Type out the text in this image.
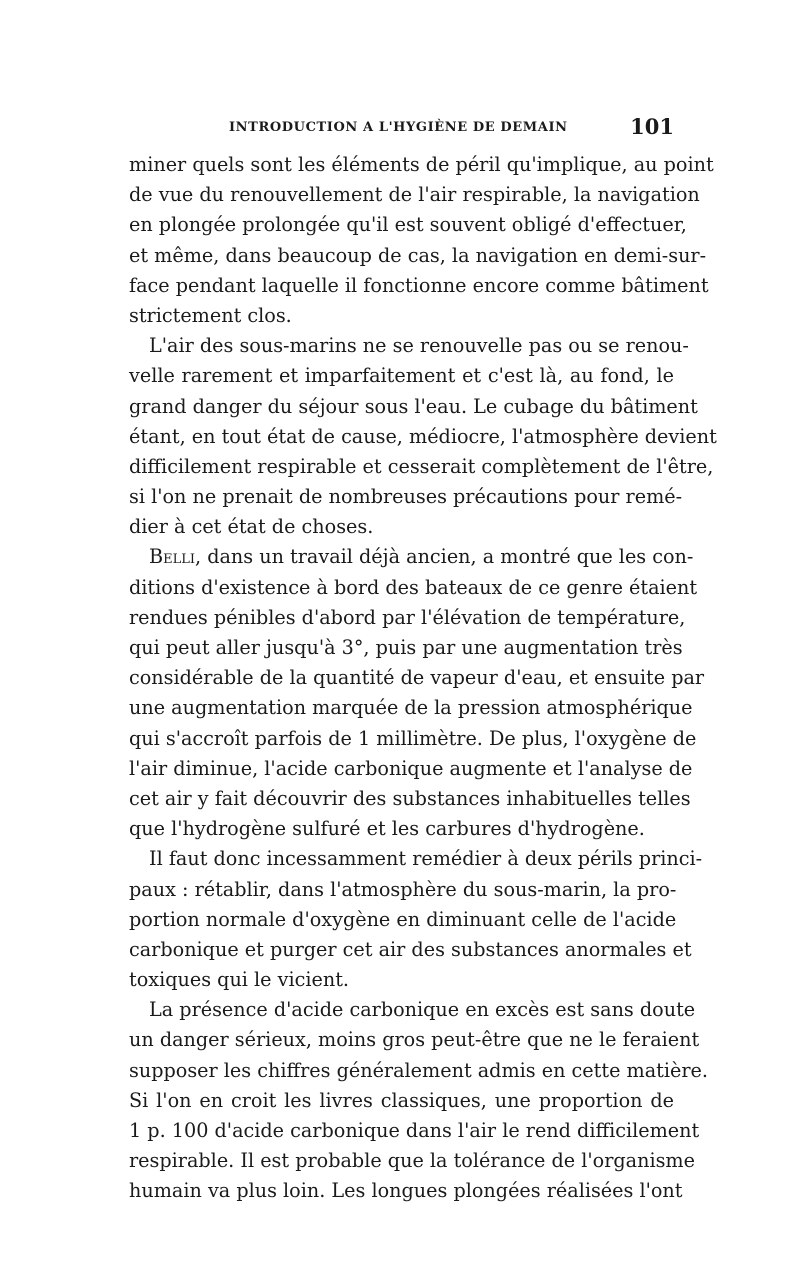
INTRODUCTION A L'HYGIÈNE DE DEMAIN	101
miner quels sont les éléments de péril qu'implique, au point
de vue du renouvellement de l'air respirable, la navigation
en plongée prolongée qu'il est souvent obligé d'effectuer,
et même, dans beaucoup de cas, la navigation en demi-sur-
face pendant laquelle il fonctionne encore comme bâtiment
strictement clos.
L'air des sous-marins ne se renouvelle pas ou se renou-
velle rarement et imparfaitement et c'est là, au fond, le
grand danger du séjour sous l'eau. Le cubage du bâtiment
étant, en tout état de cause, médiocre, l'atmosphère devient
difficilement respirable et cesserait complètement de l'être,
si l'on ne prenait de nombreuses précautions pour remé-
dier à cet état de choses.
Belli, dans un travail déjà ancien, a montré que les con-
ditions d'existence à bord des bateaux de ce genre étaient
rendues pénibles d'abord par l'élévation de température,
qui peut aller jusqu'à 3°, puis par une augmentation très
considérable de la quantité de vapeur d'eau, et ensuite par
une augmentation marquée de la pression atmosphérique
qui s'accroît parfois de 1 millimètre. De plus, l'oxygène de
l'air diminue, l'acide carbonique augmente et l'analyse de
cet air y fait découvrir des substances inhabituelles telles
que l'hydrogène sulfuré et les carbures d'hydrogène.
Il faut donc incessamment remédier à deux périls princi-
paux : rétablir, dans l'atmosphère du sous-marin, la pro-
portion normale d'oxygène en diminuant celle de l'acide
carbonique et purger cet air des substances anormales et
toxiques qui le vicient.
La présence d'acide carbonique en excès est sans doute
un danger sérieux, moins gros peut-être que ne le feraient
supposer les chiffres généralement admis en cette matière.
Si l'on en croit les livres classiques, une proportion de
1 p. 100 d'acide carbonique dans l'air le rend difficilement
respirable. Il est probable que la tolérance de l'organisme
humain va plus loin. Les longues plongées réalisées l'ont
